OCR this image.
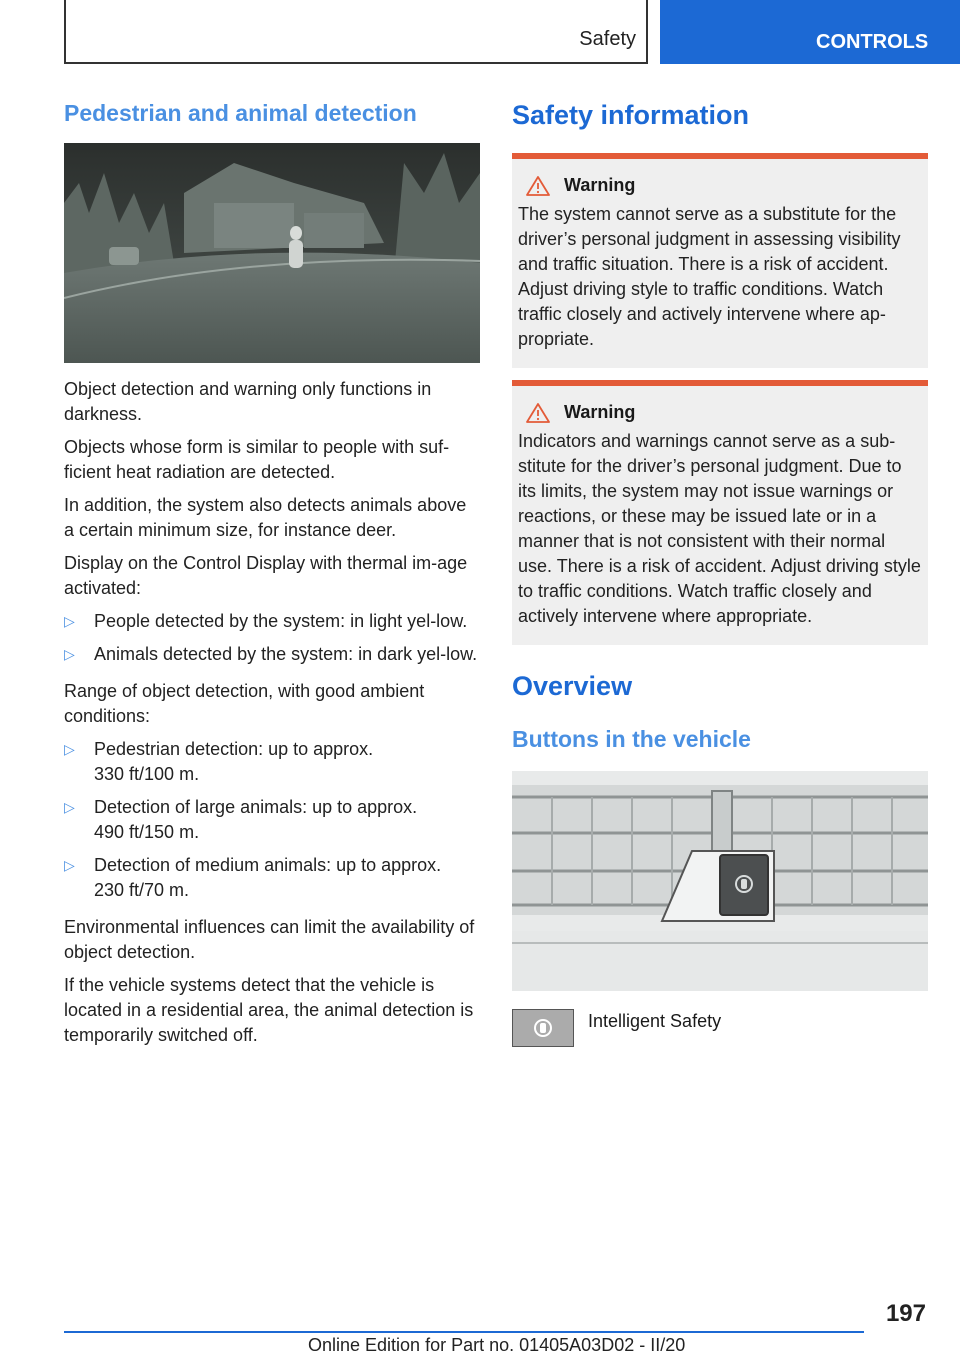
Safety	CONTROLS
Pedestrian and animal detection

Object detection and warning only functions in darkness.

Objects whose form is similar to people with suf‐ficient heat radiation are detected.

In addition, the system also detects animals above a certain minimum size, for instance deer.

Display on the Control Display with thermal im‐age activated:

▷ People detected by the system: in light yel‐low.
▷ Animals detected by the system: in dark yel‐low.

Range of object detection, with good ambient conditions:

▷ Pedestrian detection: up to approx.
330 ft/100 m.
▷ Detection of large animals: up to approx.
490 ft/150 m.
▷ Detection of medium animals: up to approx.
230 ft/70 m.

Environmental influences can limit the availability of object detection.

If the vehicle systems detect that the vehicle is located in a residential area, the animal detection is temporarily switched off.

Safety information
Warning

The system cannot serve as a substitute for the driver’s personal judgment in assessing visibility and traffic situation. There is a risk of accident. Adjust driving style to traffic conditions. Watch traffic closely and actively intervene where ap‐propriate.

Warning

Indicators and warnings cannot serve as a sub‐stitute for the driver’s personal judgment. Due to its limits, the system may not issue warnings or reactions, or these may be issued late or in a manner that is not consistent with their normal use. There is a risk of accident. Adjust driving style to traffic conditions. Watch traffic closely and actively intervene where appropriate.

Overview
Buttons in the vehicle
Intelligent Safety
197
Online Edition for Part no. 01405A03D02 - II/20
